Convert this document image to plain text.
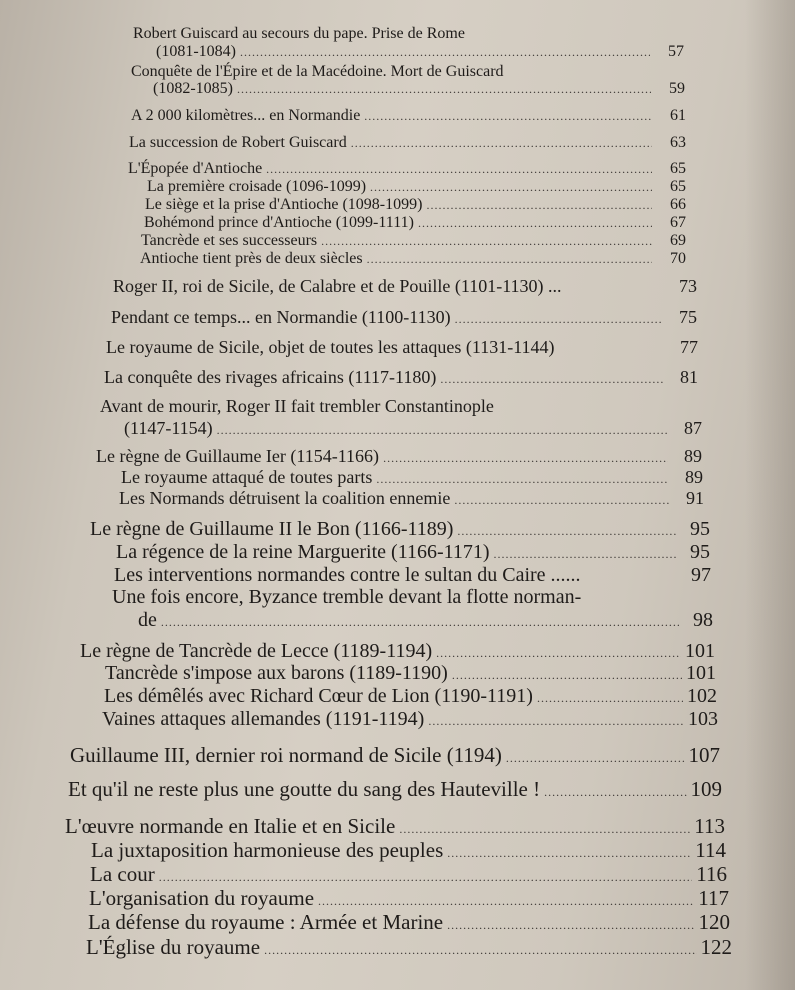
Robert Guiscard au secours du pape. Prise de Rome
(1081-1084) .....	57
Conquête de l'Épire et de la Macédoine. Mort de Guiscard
(1082-1085) .....	59
A 2 000 kilomètres... en Normandie .....	61
La succession de Robert Guiscard .....	63
L'Épopée d'Antioche .....	65
La première croisade (1096-1099) .....	65
Le siège et la prise d'Antioche (1098-1099) .....	66
Bohémond prince d'Antioche (1099-1111) .....	67
Tancrède et ses successeurs .....	69
Antioche tient près de deux siècles .....	70
Roger II, roi de Sicile, de Calabre et de Pouille (1101-1130) ...	73
Pendant ce temps... en Normandie (1100-1130) .....	75
Le royaume de Sicile, objet de toutes les attaques (1131-1144)	77
La conquête des rivages africains (1117-1180) .....	81
Avant de mourir, Roger II fait trembler Constantinople
(1147-1154) .....	87
Le règne de Guillaume Ier (1154-1166) .....	89
Le royaume attaqué de toutes parts .....	89
Les Normands détruisent la coalition ennemie .....	91
Le règne de Guillaume II le Bon (1166-1189) .....	95
La régence de la reine Marguerite (1166-1171) .....	95
Les interventions normandes contre le sultan du Caire ......	97
Une fois encore, Byzance tremble devant la flotte norman-
de .....	98
Le règne de Tancrède de Lecce (1189-1194) .....	101
Tancrède s'impose aux barons (1189-1190) .....	101
Les démêlés avec Richard Cœur de Lion (1190-1191) .....	102
Vaines attaques allemandes (1191-1194) .....	103
Guillaume III, dernier roi normand de Sicile (1194) .....	107
Et qu'il ne reste plus une goutte du sang des Hauteville ! .....	109
L'œuvre normande en Italie et en Sicile .....	113
La juxtaposition harmonieuse des peuples .....	114
La cour .....	116
L'organisation du royaume .....	117
La défense du royaume : Armée et Marine .....	120
L'Église du royaume .....	122
